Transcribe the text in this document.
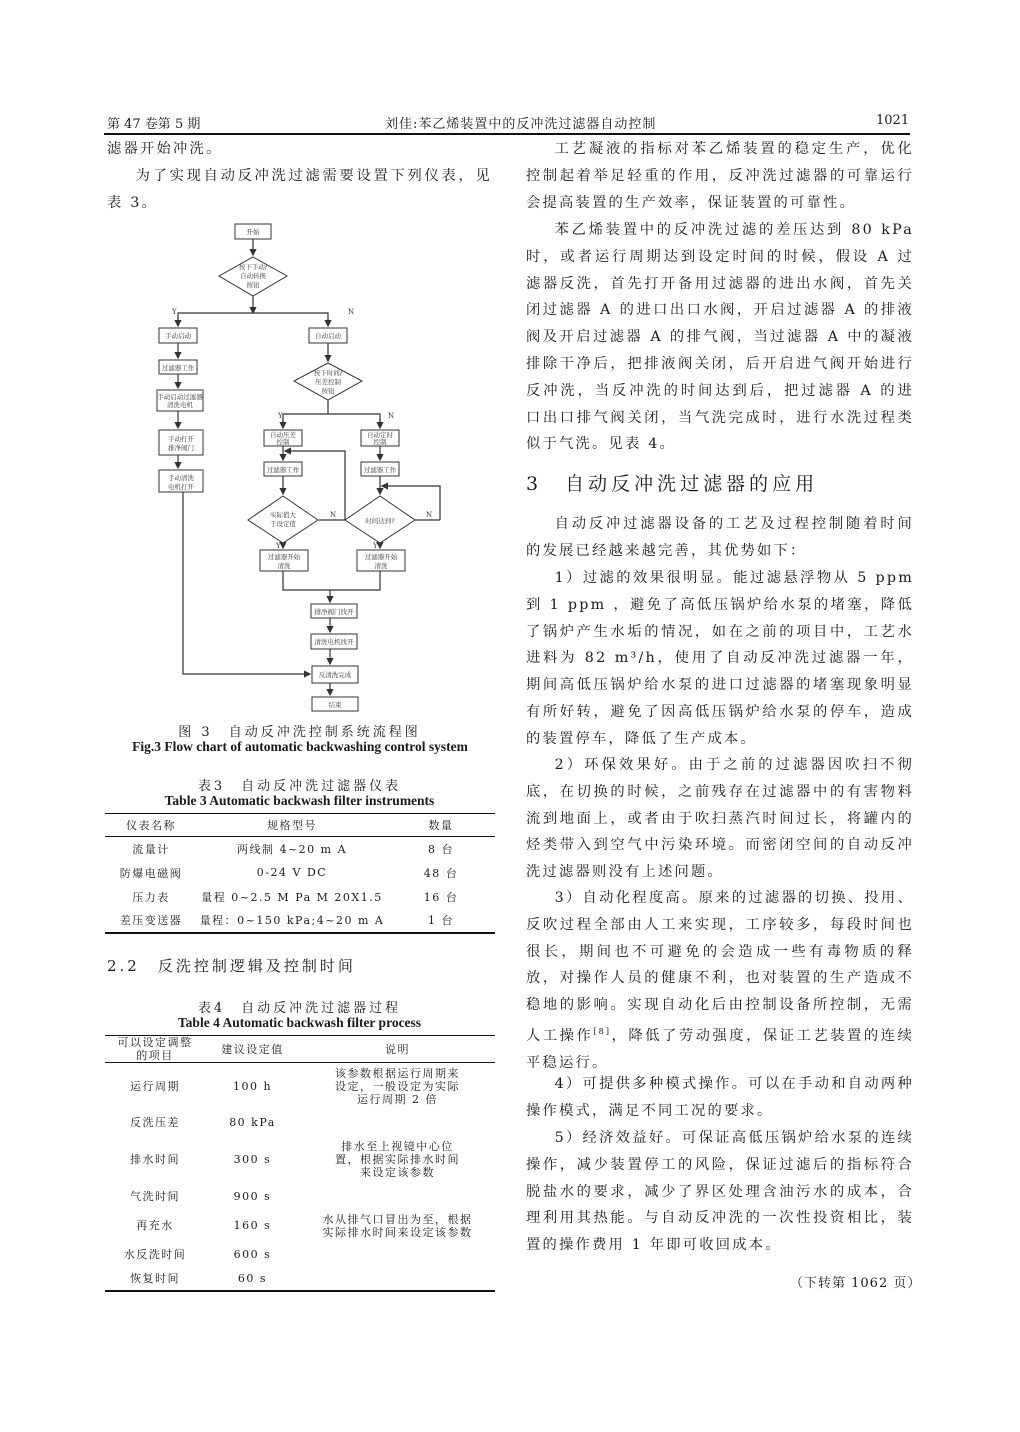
第 47 卷第 5 期	刘佳:苯乙烯装置中的反冲洗过滤器自动控制	1021

滤器开始冲洗。

为了实现自动反冲洗过滤需要设置下列仪表，见表 3。

开始
按下手动/
自动转换
按钮
Y	N
手动启动
过滤器工作
手动启动过滤器
清洗电机
手动打开
排净阀门
手动清洗
电机打开
自动启动
按下时间/
压差控制
按钮
Y	N
自动压差
控制
自动定时
控制
过滤器工作	过滤器工作
实际值大
于设定值
N
时间达到?
N
Y	Y
过滤器开始
清洗
过滤器开始
清洗
排净阀门找开
清洗电机找开
反清洗完成
结束
图 3　自动反冲洗控制系统流程图
Fig.3 Flow chart of automatic backwashing control system
表3　自动反冲洗过滤器仪表
Table 3 Automatic backwash filter instruments
仪表名称	规格型号	数量
流量计	两线制 4~20 m A	8 台
防爆电磁阀	0-24 V DC	48 台
压力表	量程 0~2.5 M Pa M 20X1.5	16 台
差压变送器	量程：0~150 kPa;4~20 m A	1 台
2.2　反洗控制逻辑及控制时间
表4　自动反冲洗过滤器过程
Table 4 Automatic backwash filter process
可以设定调整的项目	建议设定值	说明
运行周期	100 h	该参数根据运行周期来设定，一般设定为实际运行周期 2 倍
反洗压差	80 kPa	
排水时间	300 s	排水至上视镜中心位置，根据实际排水时间来设定该参数
气洗时间	900 s	
再充水	160 s	水从排气口冒出为至，根据实际排水时间来设定该参数
水反洗时间	600 s	
恢复时间	60 s	

工艺凝液的指标对苯乙烯装置的稳定生产，优化控制起着举足轻重的作用，反冲洗过滤器的可靠运行会提高装置的生产效率，保证装置的可靠性。

苯乙烯装置中的反冲洗过滤的差压达到 80 kPa 时，或者运行周期达到设定时间的时候，假设 A 过滤器反洗，首先打开备用过滤器的进出水阀，首先关闭过滤器 A 的进口出口水阀，开启过滤器 A 的排液阀及开启过滤器 A 的排气阀，当过滤器 A 中的凝液排除干净后，把排液阀关闭，后开启进气阀开始进行反冲洗，当反冲洗的时间达到后，把过滤器 A 的进口出口排气阀关闭，当气洗完成时，进行水洗过程类似于气洗。见表 4。

3　自动反冲洗过滤器的应用

自动反冲过滤器设备的工艺及过程控制随着时间的发展已经越来越完善，其优势如下：

1）过滤的效果很明显。能过滤悬浮物从 5 ppm 到 1 ppm ，避免了高低压锅炉给水泵的堵塞，降低了锅炉产生水垢的情况，如在之前的项目中，工艺水进料为 82 m³/h，使用了自动反冲洗过滤器一年，期间高低压锅炉给水泵的进口过滤器的堵塞现象明显有所好转，避免了因高低压锅炉给水泵的停车，造成的装置停车，降低了生产成本。

2）环保效果好。由于之前的过滤器因吹扫不彻底，在切换的时候，之前残存在过滤器中的有害物料流到地面上，或者由于吹扫蒸汽时间过长，将罐内的烃类带入到空气中污染环境。而密闭空间的自动反冲洗过滤器则没有上述问题。

3）自动化程度高。原来的过滤器的切换、投用、反吹过程全部由人工来实现，工序较多，每段时间也很长，期间也不可避免的会造成一些有毒物质的释放，对操作人员的健康不利，也对装置的生产造成不稳地的影响。实现自动化后由控制设备所控制，无需人工操作[8]，降低了劳动强度，保证工艺装置的连续平稳运行。

4）可提供多种模式操作。可以在手动和自动两种操作模式，满足不同工况的要求。

5）经济效益好。可保证高低压锅炉给水泵的连续操作，减少装置停工的风险，保证过滤后的指标符合脱盐水的要求，减少了界区处理含油污水的成本，合理利用其热能。与自动反冲洗的一次性投资相比，装置的操作费用 1 年即可收回成本。

（下转第 1062 页）
